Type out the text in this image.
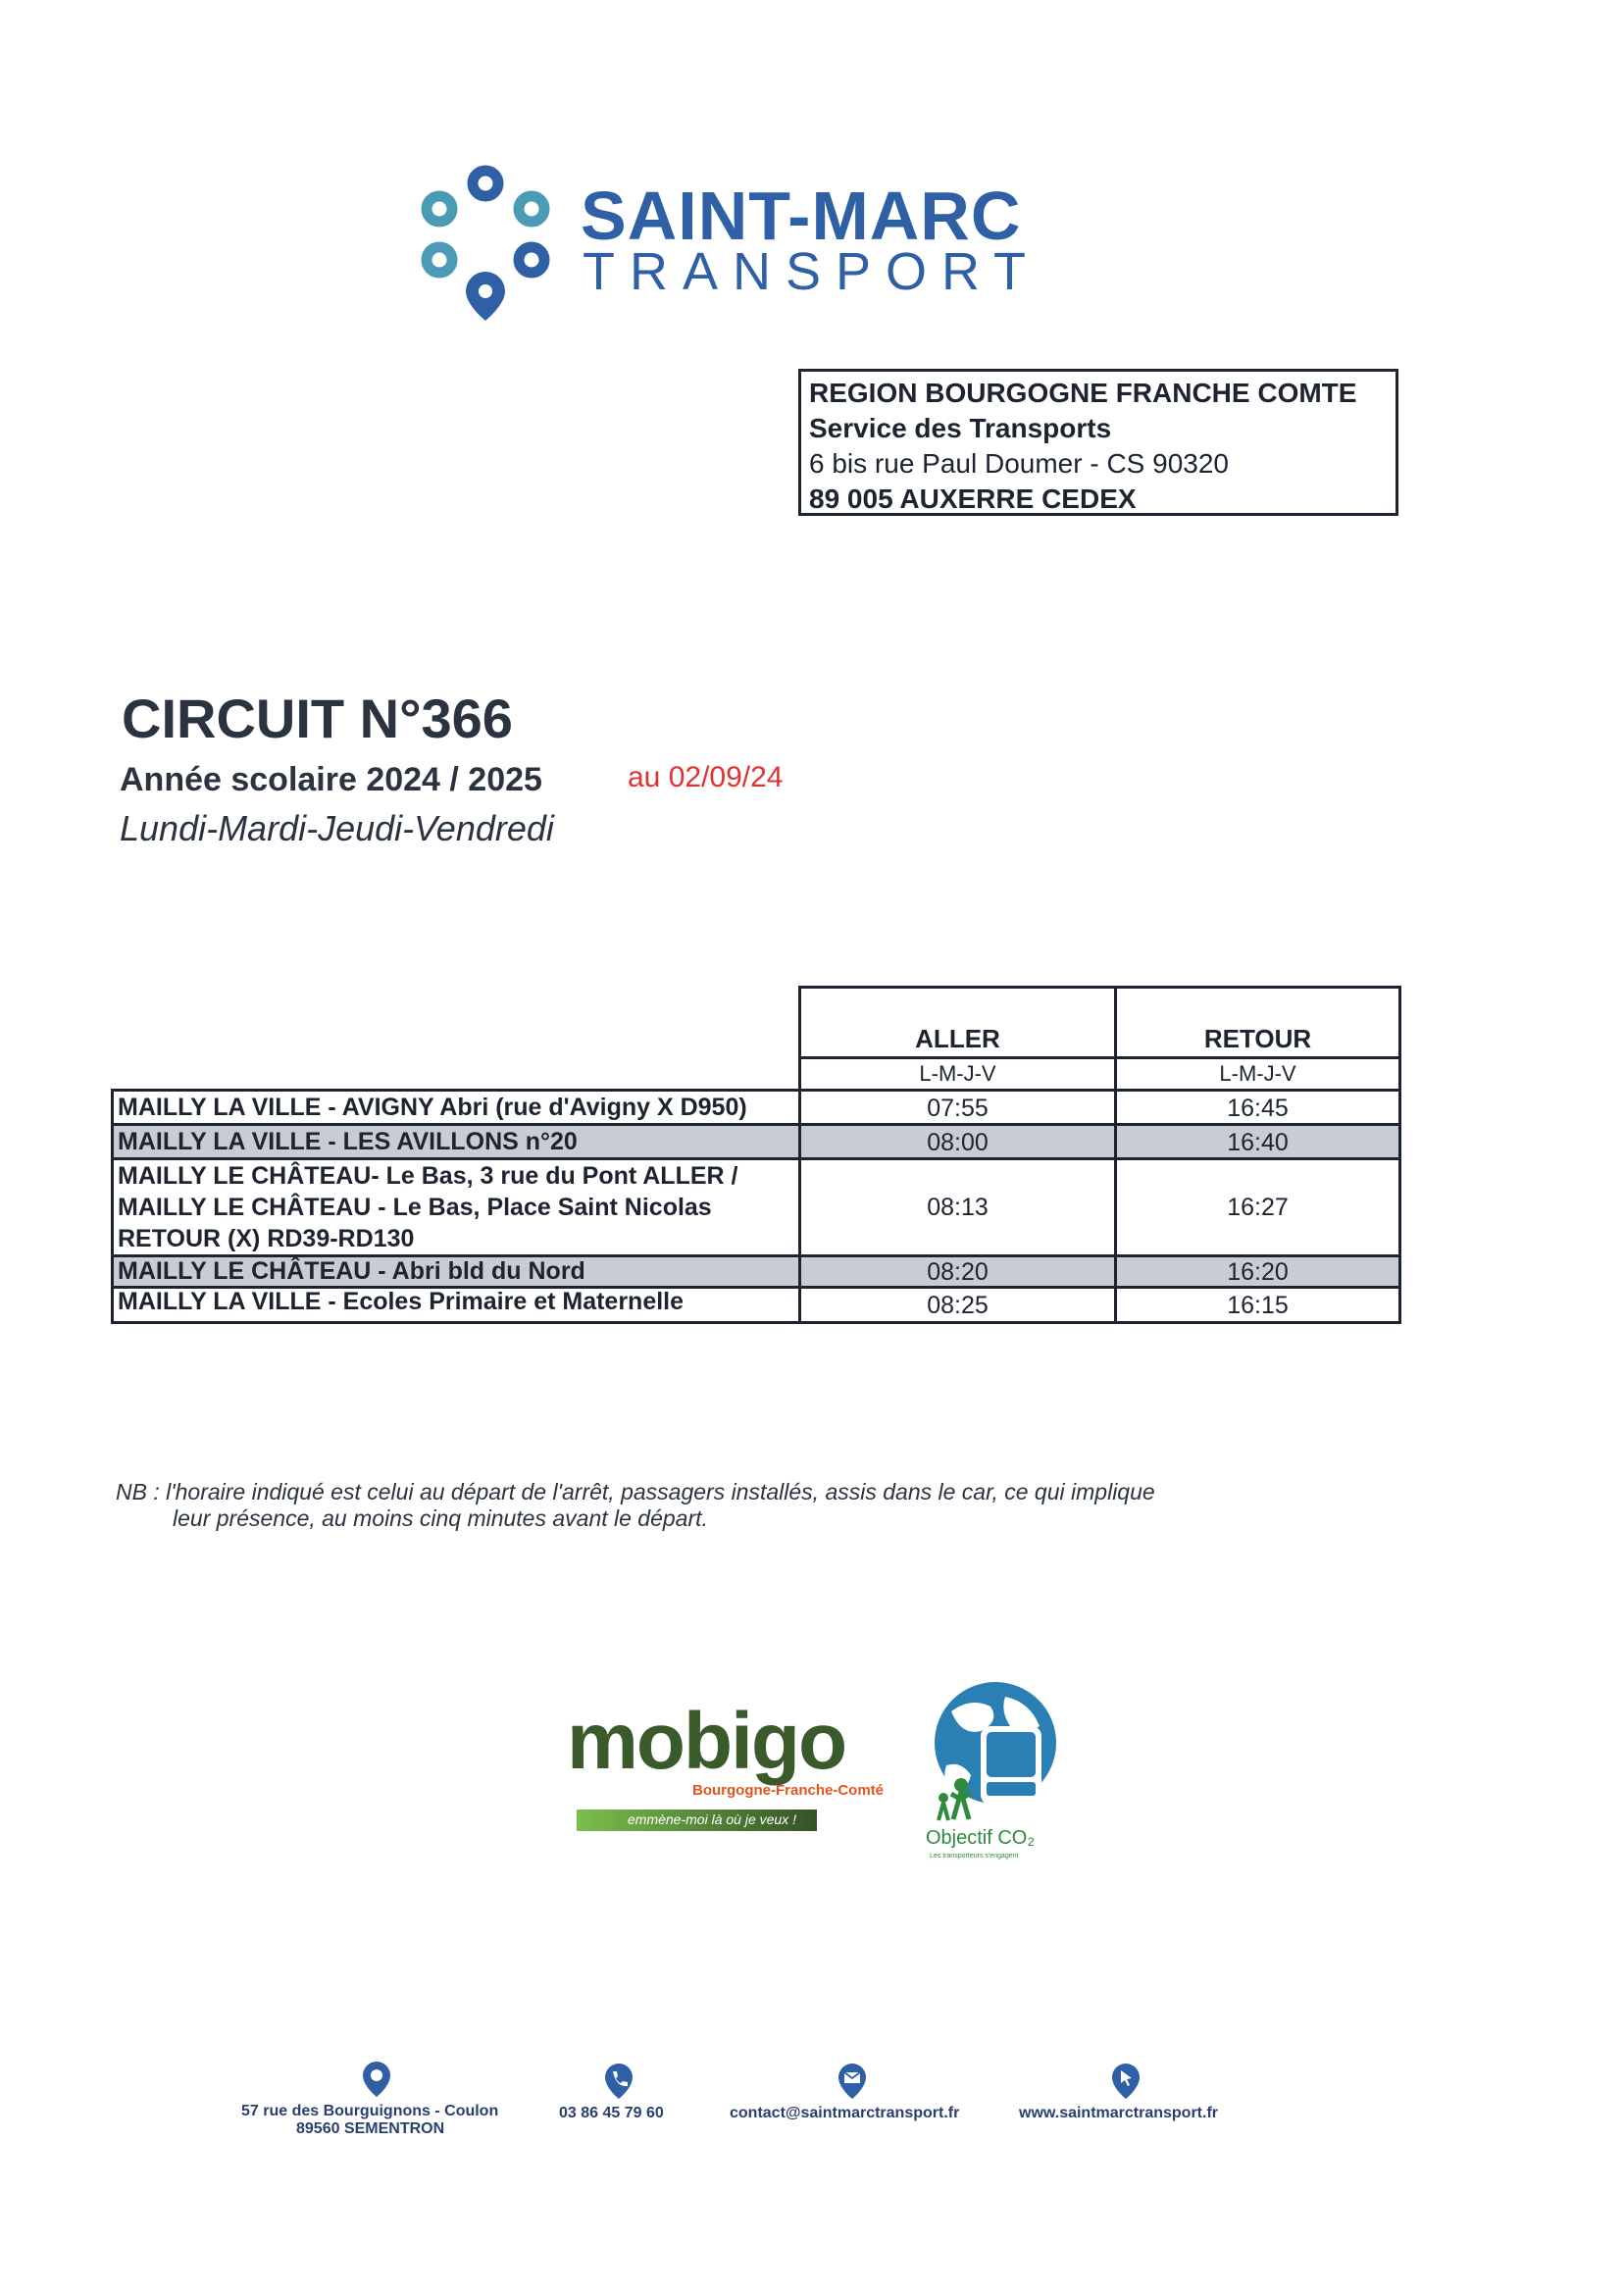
SAINT-MARC
TRANSPORT
REGION BOURGOGNE FRANCHE COMTE
Service des Transports
6 bis rue Paul Doumer - CS 90320
89 005 AUXERRE CEDEX
CIRCUIT N°366
Année scolaire 2024 / 2025	au 02/09/24
Lundi-Mardi-Jeudi-Vendredi
ALLER	RETOUR
L-M-J-V	L-M-J-V
MAILLY LA VILLE - AVIGNY Abri (rue d'Avigny X D950)	07:55	16:45
MAILLY LA VILLE - LES AVILLONS n°20	08:00	16:40
MAILLY LE CHÂTEAU- Le Bas, 3 rue du Pont ALLER /
MAILLY LE CHÂTEAU - Le Bas, Place Saint Nicolas
RETOUR (X) RD39-RD130
08:13	16:27
MAILLY LE CHÂTEAU - Abri bld du Nord	08:20	16:20
MAILLY LA VILLE - Ecoles Primaire et Maternelle	08:25	16:15
NB : l'horaire indiqué est celui au départ de l'arrêt, passagers installés, assis dans le car, ce qui implique
leur présence, au moins cinq minutes avant le départ.
mobigo
Bourgogne-Franche-Comté
emmène-moi là où je veux !
Objectif CO₂
Les transporteurs s'engagent
57 rue des Bourguignons - Coulon
89560 SEMENTRON
03 86 45 79 60	contact@saintmarctransport.fr	www.saintmarctransport.fr
